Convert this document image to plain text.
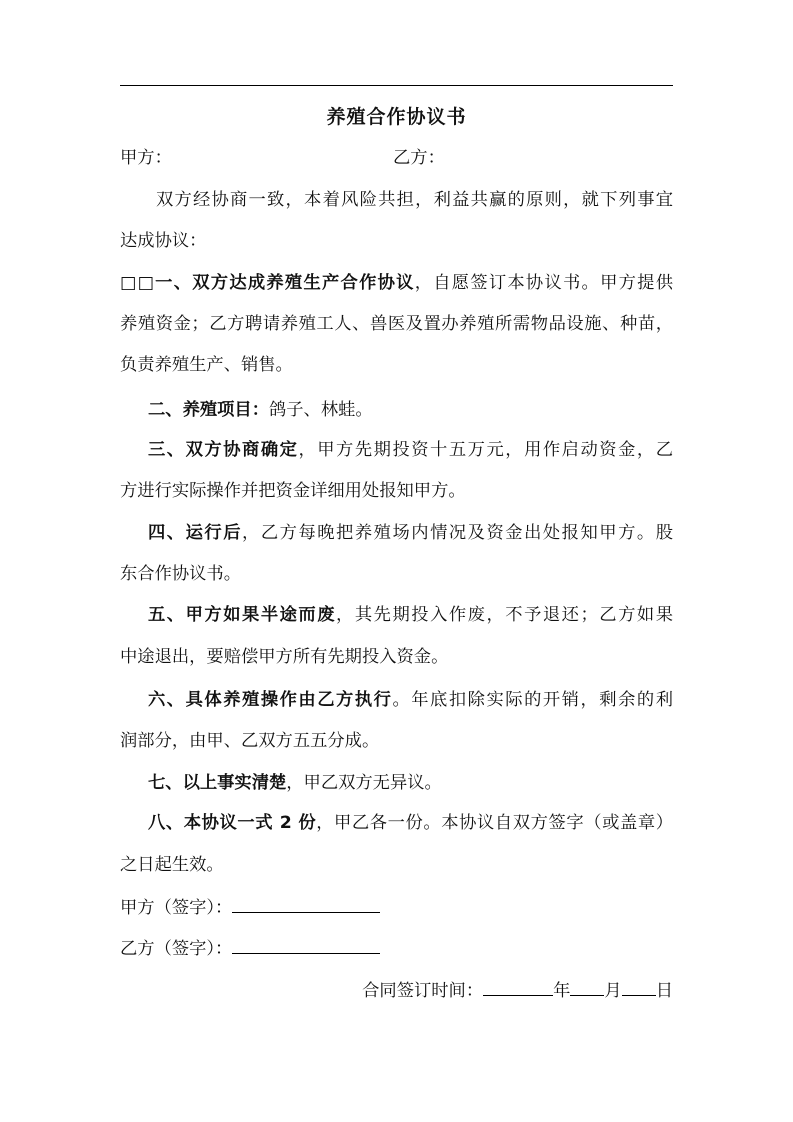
养殖合作协议书
甲方：	乙方：
双方经协商一致，本着风险共担，利益共赢的原则，就下列事宜
达成协议：
□□一、双方达成养殖生产合作协议，自愿签订本协议书。甲方提供
养殖资金；乙方聘请养殖工人、兽医及置办养殖所需物品设施、种苗，
负责养殖生产、销售。
二、养殖项目：鸽子、林蛙。
三、双方协商确定，甲方先期投资十五万元，用作启动资金，乙
方进行实际操作并把资金详细用处报知甲方。
四、运行后，乙方每晚把养殖场内情况及资金出处报知甲方。股
东合作协议书。
五、甲方如果半途而废，其先期投入作废，不予退还；乙方如果
中途退出，要赔偿甲方所有先期投入资金。
六、具体养殖操作由乙方执行。年底扣除实际的开销，剩余的利
润部分，由甲、乙双方五五分成。
七、以上事实清楚，甲乙双方无异议。
八、本协议一式 2 份，甲乙各一份。本协议自双方签字（或盖章）
之日起生效。
甲方（签字）：
乙方（签字）：
合同签订时间：	年 月 日
